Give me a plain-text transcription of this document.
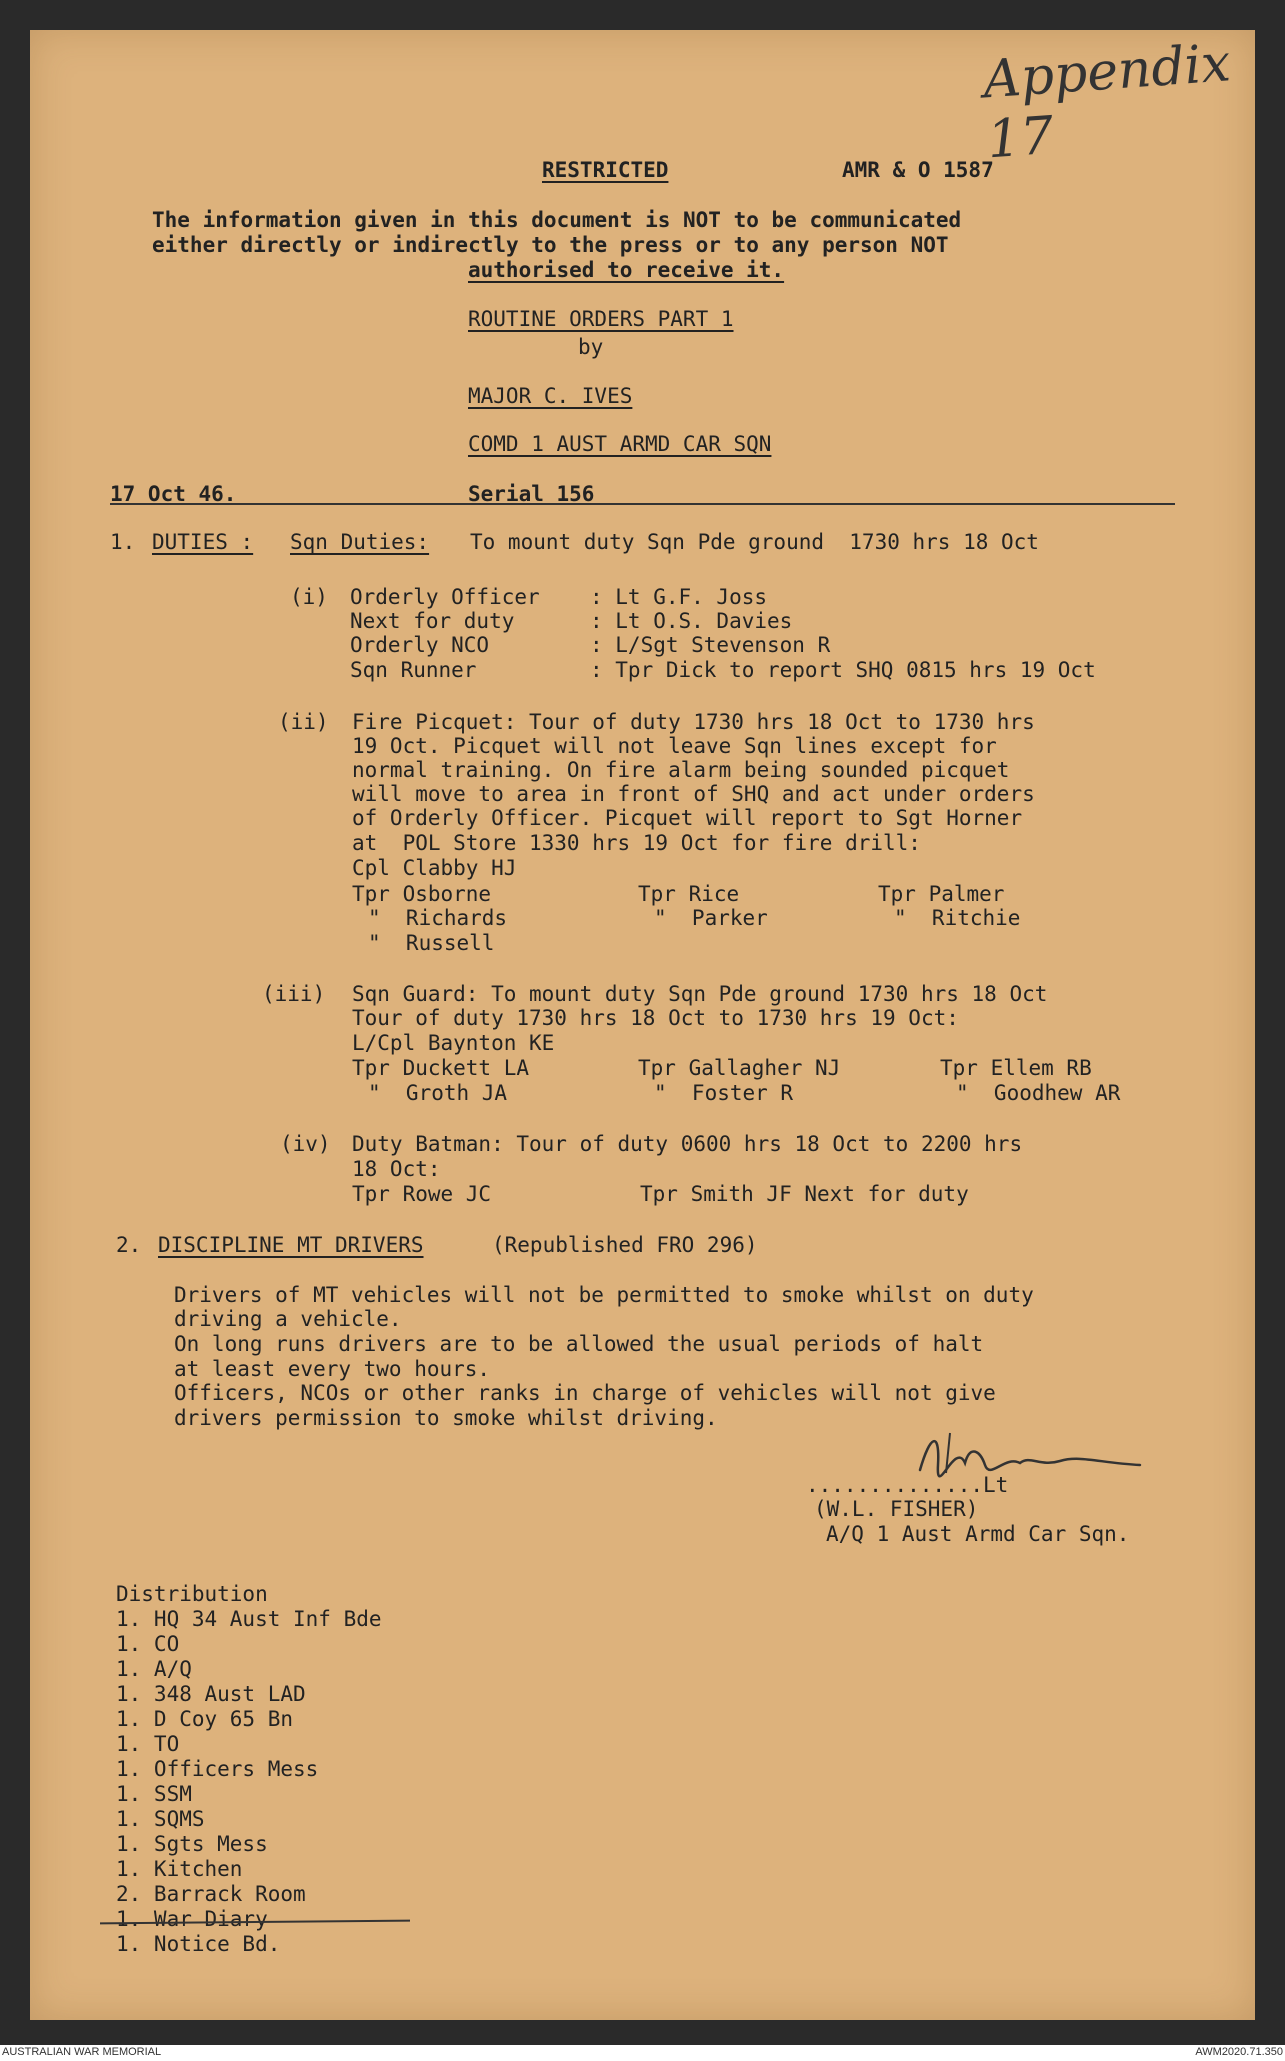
Appendix 17
RESTRICTED	AMR & O 1587
The information given in this document is NOT to be communicated
either directly or indirectly to the press or to any person NOT
authorised to receive it.
ROUTINE ORDERS PART 1
by
MAJOR C. IVES
COMD 1 AUST ARMD CAR SQN
17 Oct 46.	Serial 156
1. DUTIES : Sqn Duties: To mount duty Sqn Pde ground  1730 hrs 18 Oct
(i) Orderly Officer : Lt G.F. Joss
Next for duty : Lt O.S. Davies
Orderly NCO : L/Sgt Stevenson R
Sqn Runner : Tpr Dick to report SHQ 0815 hrs 19 Oct
(ii) Fire Picquet: Tour of duty 1730 hrs 18 Oct to 1730 hrs
19 Oct. Picquet will not leave Sqn lines except for
normal training. On fire alarm being sounded picquet
will move to area in front of SHQ and act under orders
of Orderly Officer. Picquet will report to Sgt Horner
at  POL Store 1330 hrs 19 Oct for fire drill:
Cpl Clabby HJ
Tpr Osborne	Tpr Rice	Tpr Palmer
"  Richards	"  Parker	"  Ritchie
"  Russell
(iii) Sqn Guard: To mount duty Sqn Pde ground 1730 hrs 18 Oct
Tour of duty 1730 hrs 18 Oct to 1730 hrs 19 Oct:
L/Cpl Baynton KE
Tpr Duckett LA	Tpr Gallagher NJ	Tpr Ellem RB
"  Groth JA	"  Foster R	"  Goodhew AR
(iv) Duty Batman: Tour of duty 0600 hrs 18 Oct to 2200 hrs
18 Oct:
Tpr Rowe JC	Tpr Smith JF Next for duty
2. DISCIPLINE MT DRIVERS	(Republished FRO 296)
Drivers of MT vehicles will not be permitted to smoke whilst on duty
driving a vehicle.
On long runs drivers are to be allowed the usual periods of halt
at least every two hours.
Officers, NCOs or other ranks in charge of vehicles will not give
drivers permission to smoke whilst driving.
..............Lt
(W.L. FISHER)
A/Q 1 Aust Armd Car Sqn.
Distribution
1. HQ 34 Aust Inf Bde
1. CO
1. A/Q
1. 348 Aust LAD
1. D Coy 65 Bn
1. TO
1. Officers Mess
1. SSM
1. SQMS
1. Sgts Mess
1. Kitchen
2. Barrack Room
1. War Diary
1. Notice Bd.
AUSTRALIAN WAR MEMORIAL	AWM2020.71.350
